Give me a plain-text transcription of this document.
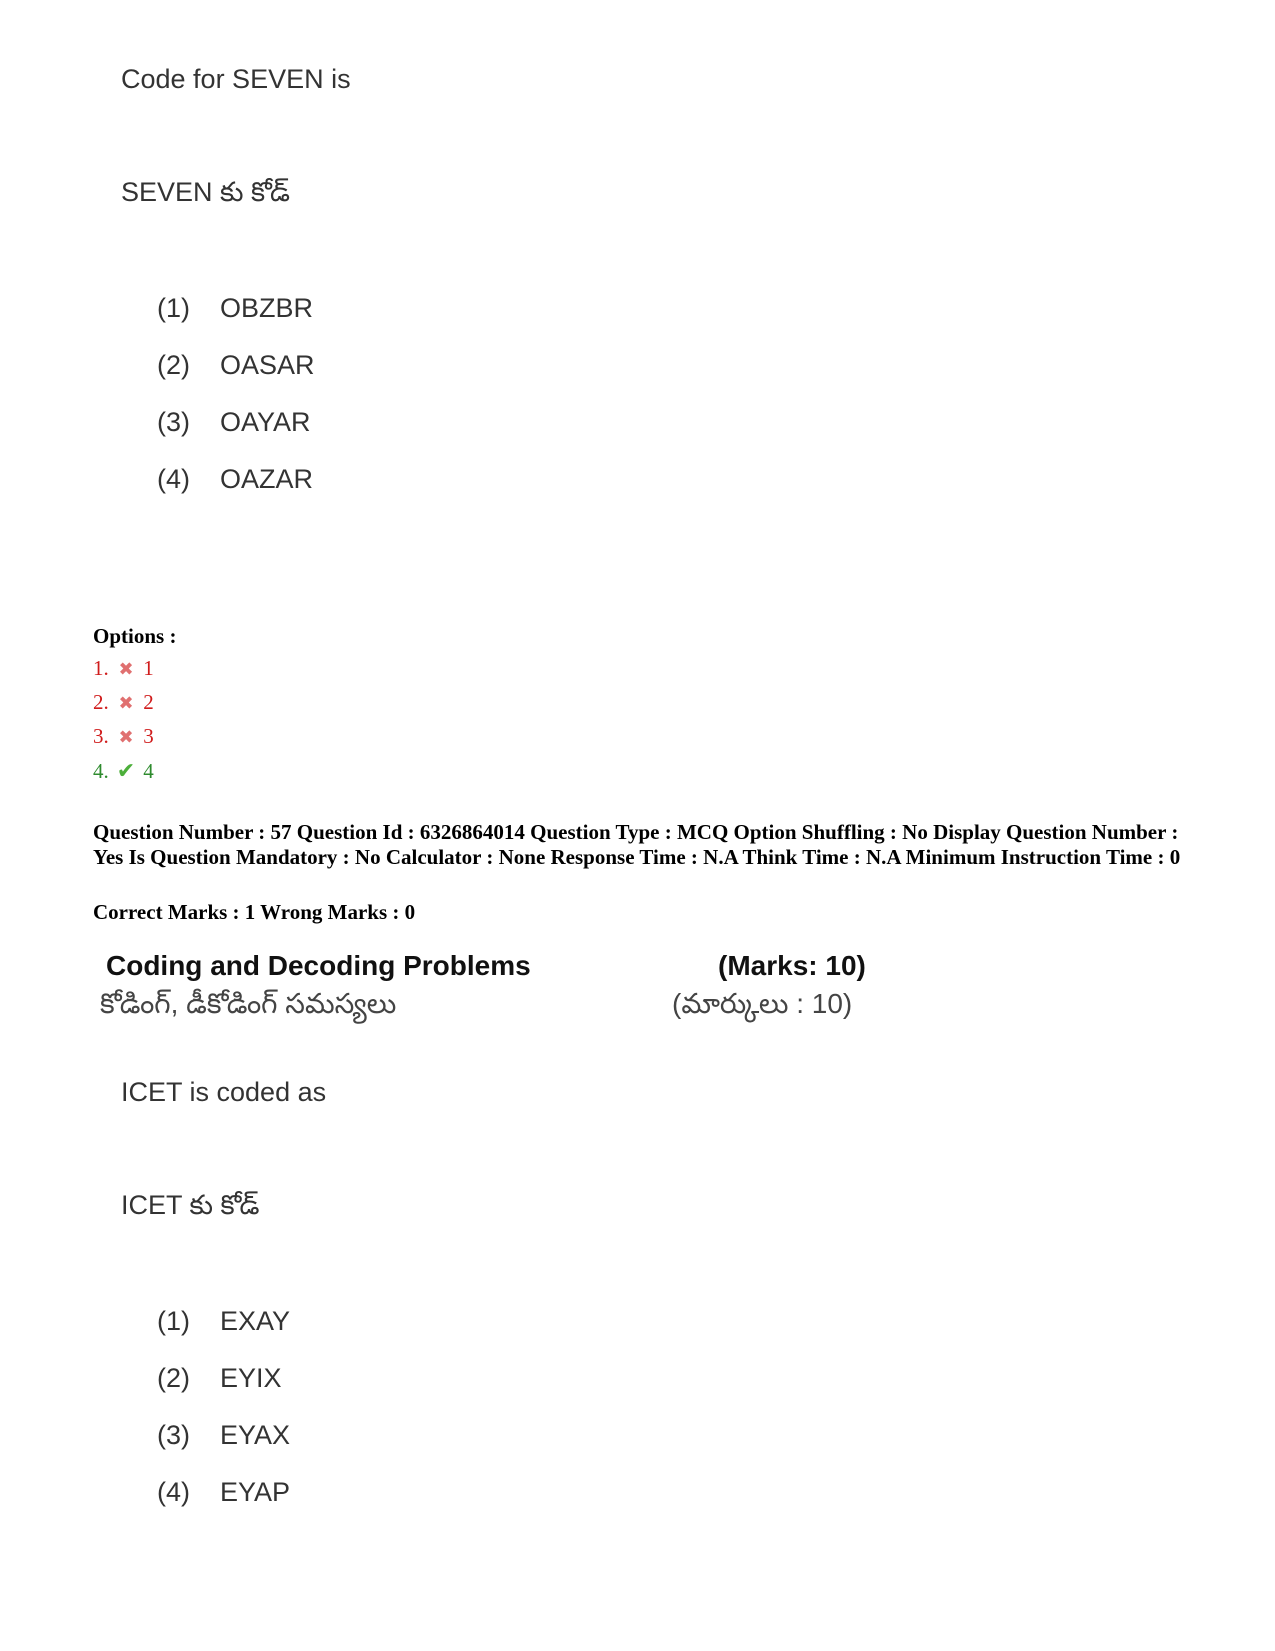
Code for SEVEN is
SEVEN కు కోడ్
(1) OBZBR
(2) OASAR
(3) OAYAR
(4) OAZAR
Options :
1. ✖ 1
2. ✖ 2
3. ✖ 3
4. ✔ 4
Question Number : 57 Question Id : 6326864014 Question Type : MCQ Option Shuffling : No Display Question Number : Yes Is Question Mandatory : No Calculator : None Response Time : N.A Think Time : N.A Minimum Instruction Time : 0
Correct Marks : 1 Wrong Marks : 0
Coding and Decoding Problems	(Marks: 10)
కోడింగ్, డీకోడింగ్ సమస్యలు	(మార్కులు : 10)
ICET is coded as
ICET కు కోడ్
(1) EXAY
(2) EYIX
(3) EYAX
(4) EYAP
